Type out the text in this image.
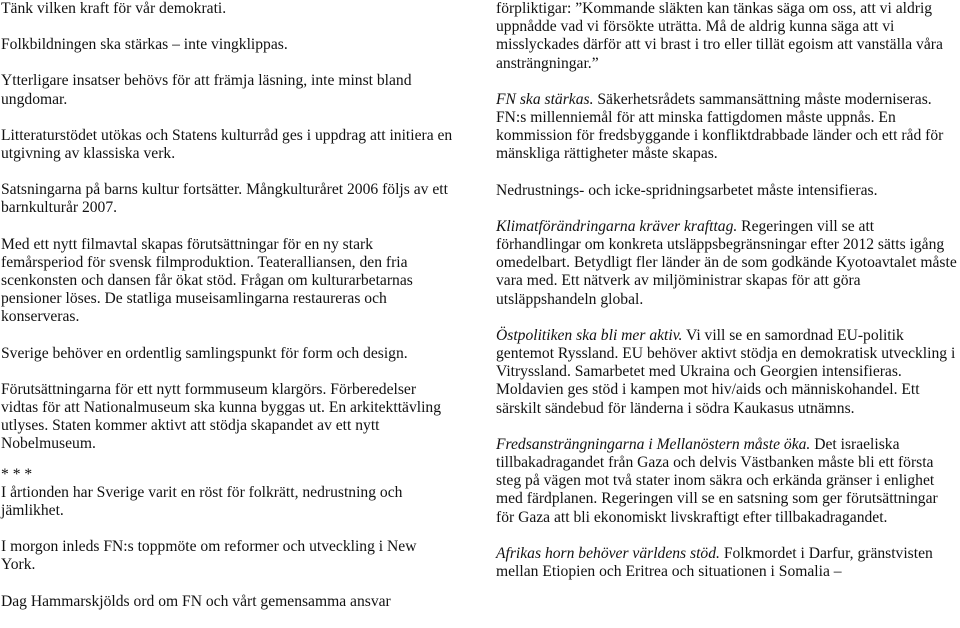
Tänk vilken kraft för vår demokrati.

Folkbildningen ska stärkas – inte vingklippas.

Ytterligare insatser behövs för att främja läsning, inte minst bland ungdomar.

Litteraturstödet utökas och Statens kulturråd ges i uppdrag att initiera en utgivning av klassiska verk.

Satsningarna på barns kultur fortsätter. Mångkulturåret 2006 följs av ett barnkulturår 2007.

Med ett nytt filmavtal skapas förutsättningar för en ny stark femårsperiod för svensk filmproduktion. Teateralliansen, den fria scenkonsten och dansen får ökat stöd. Frågan om kulturarbetarnas pensioner löses. De statliga museisamlingarna restaureras och konserveras.

Sverige behöver en ordentlig samlingspunkt för form och design.

Förutsättningarna för ett nytt formmuseum klargörs. Förberedelser vidtas för att Nationalmuseum ska kunna byggas ut. En arkitekttävling utlyses. Staten kommer aktivt att stödja skapandet av ett nytt Nobelmuseum.

* * *

I årtionden har Sverige varit en röst för folkrätt, nedrustning och jämlikhet.

I morgon inleds FN:s toppmöte om reformer och utveckling i New York.

Dag Hammarskjölds ord om FN och vårt gemensamma ansvar

förpliktigar: ”Kommande släkten kan tänkas säga om oss, att vi aldrig uppnådde vad vi försökte uträtta. Må de aldrig kunna säga att vi misslyckades därför att vi brast i tro eller tillät egoism att vanställa våra ansträngningar.”

FN ska stärkas. Säkerhetsrådets sammansättning måste moderniseras. FN:s millenniemål för att minska fattigdomen måste uppnås. En kommission för fredsbyggande i konfliktdrabbade länder och ett råd för mänskliga rättigheter måste skapas.

Nedrustnings- och icke-spridningsarbetet måste intensifieras.

Klimatförändringarna kräver krafttag. Regeringen vill se att förhandlingar om konkreta utsläppsbegränsningar efter 2012 sätts igång omedelbart. Betydligt fler länder än de som godkände Kyotoavtalet måste vara med. Ett nätverk av miljöministrar skapas för att göra utsläppshandeln global.

Östpolitiken ska bli mer aktiv. Vi vill se en samordnad EU-politik gentemot Ryssland. EU behöver aktivt stödja en demokratisk utveckling i Vitryssland. Samarbetet med Ukraina och Georgien intensifieras. Moldavien ges stöd i kampen mot hiv/aids och människohandel. Ett särskilt sändebud för länderna i södra Kaukasus utnämns.

Fredsansträngningarna i Mellanöstern måste öka. Det israeliska tillbakadragandet från Gaza och delvis Västbanken måste bli ett första steg på vägen mot två stater inom säkra och erkända gränser i enlighet med färdplanen. Regeringen vill se en satsning som ger förutsättningar för Gaza att bli ekonomiskt livskraftigt efter tillbakadragandet.

Afrikas horn behöver världens stöd. Folkmordet i Darfur, gränstvisten mellan Etiopien och Eritrea och situationen i Somalia –
